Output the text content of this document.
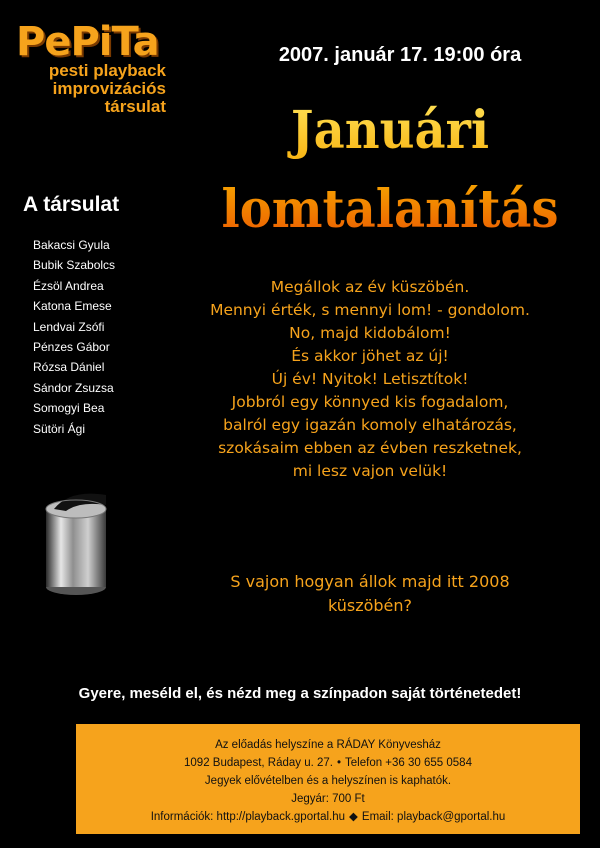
PePiTa
pesti playback
improvizációs
társulat
2007. január 17. 19:00 óra
Januári lomtalanítás
A társulat
Bakacsi Gyula
Bubik Szabolcs
Ézsöl Andrea
Katona Emese
Lendvai Zsófi
Pénzes Gábor
Rózsa Dániel
Sándor Zsuzsa
Somogyi Bea
Sütöri Ági

Megállok az év küszöbén.

Mennyi érték, s mennyi lom! - gondolom.

No, majd kidobálom!

És akkor jöhet az új!

Új év! Nyitok! Letisztítok!

Jobbról egy könnyed kis fogadalom,

balról egy igazán komoly elhatározás,

szokásaim ebben az évben reszketnek,

mi lesz vajon velük!

S vajon hogyan állok majd itt 2008
küszöbén?
Gyere, meséld el, és nézd meg a színpadon saját történetedet!
Az előadás helyszíne a RÁDAY Könyvesház
1092 Budapest, Ráday u. 27. • Telefon +36 30 655 0584
Jegyek elővételben és a helyszínen is kaphatók.
Jegyár: 700 Ft
Információk: http://playback.gportal.hu ◆ Email: playback@gportal.hu
